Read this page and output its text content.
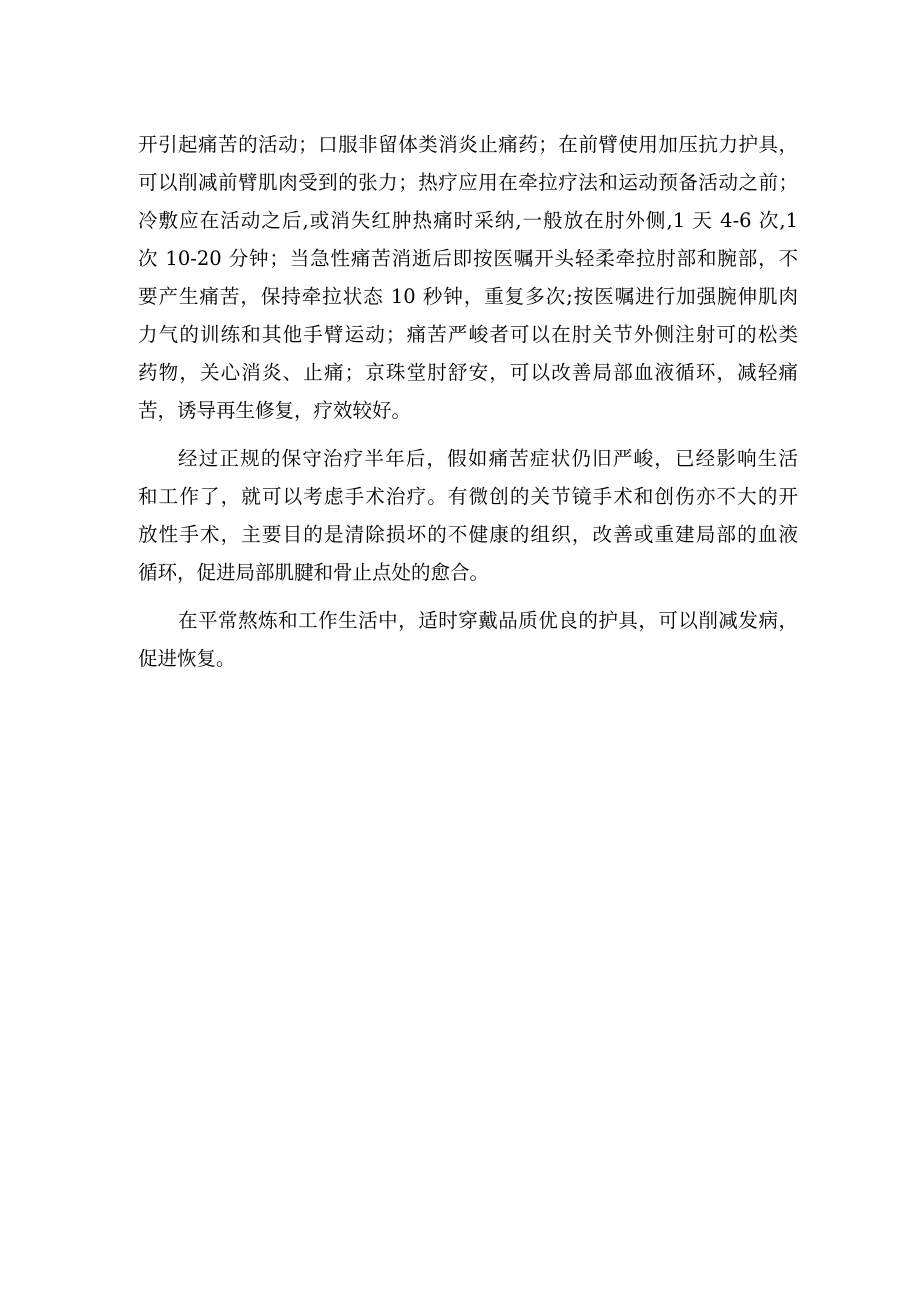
开引起痛苦的活动；口服非留体类消炎止痛药；在前臂使用加压抗力护具，
可以削减前臂肌肉受到的张力；热疗应用在牵拉疗法和运动预备活动之前；
冷敷应在活动之后,或消失红肿热痛时采纳,一般放在肘外侧,1 天 4-6 次,1
次 10-20 分钟；当急性痛苦消逝后即按医嘱开头轻柔牵拉肘部和腕部，不
要产生痛苦，保持牵拉状态 10 秒钟，重复多次;按医嘱进行加强腕伸肌肉
力气的训练和其他手臂运动；痛苦严峻者可以在肘关节外侧注射可的松类
药物，关心消炎、止痛；京珠堂肘舒安，可以改善局部血液循环，减轻痛
苦，诱导再生修复，疗效较好。
经过正规的保守治疗半年后，假如痛苦症状仍旧严峻，已经影响生活
和工作了，就可以考虑手术治疗。有微创的关节镜手术和创伤亦不大的开
放性手术，主要目的是清除损坏的不健康的组织，改善或重建局部的血液
循环，促进局部肌腱和骨止点处的愈合。
在平常熬炼和工作生活中，适时穿戴品质优良的护具，可以削减发病，
促进恢复。
